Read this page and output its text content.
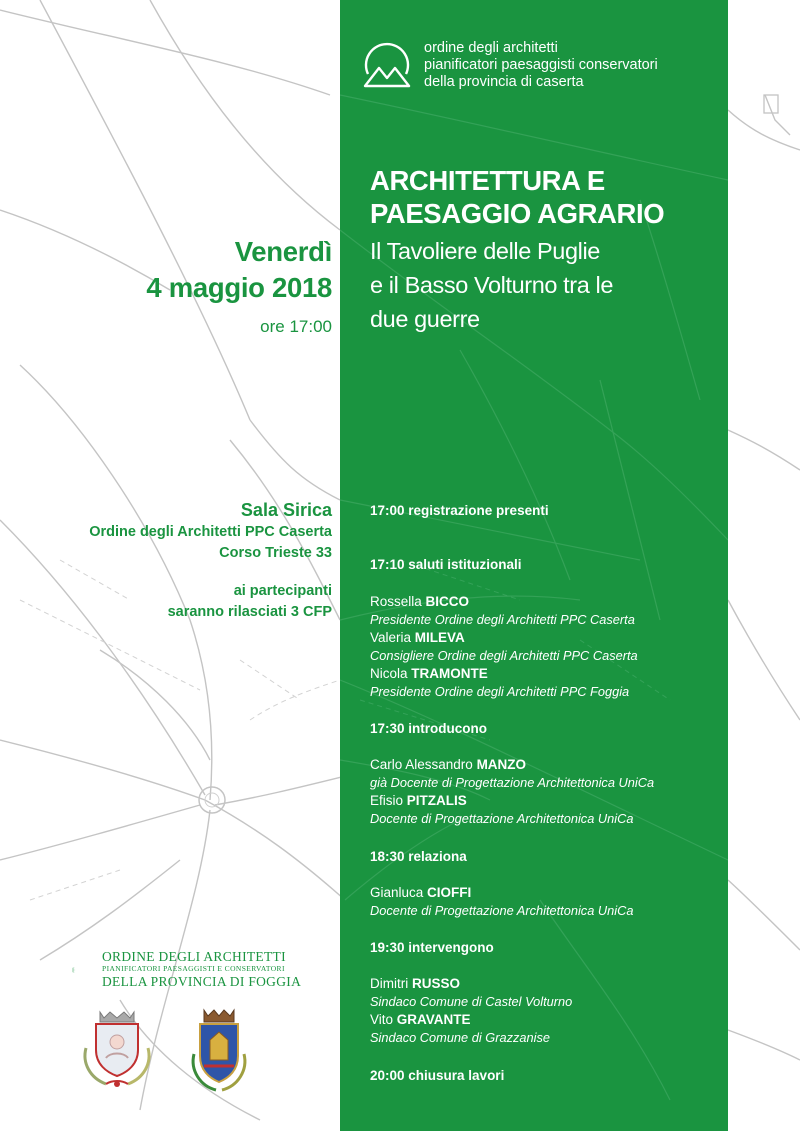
ordine degli architetti
pianificatori paesaggisti conservatori
della provincia di caserta
ARCHITETTURA E
PAESAGGIO AGRARIO
Il Tavoliere delle Puglie
e il Basso Volturno tra le
due guerre
Venerdì
4 maggio 2018
ore 17:00
Sala Sirica
Ordine degli Architetti PPC Caserta
Corso Trieste 33
ai partecipanti
saranno rilasciati 3 CFP
17:00 registrazione presenti
17:10 saluti istituzionali
Rossella BICCO
Presidente Ordine degli Architetti PPC Caserta
Valeria MILEVA
Consigliere Ordine degli Architetti PPC Caserta
Nicola TRAMONTE
Presidente Ordine degli Architetti PPC Foggia
17:30 introducono
Carlo Alessandro MANZO
già Docente di Progettazione Architettonica UniCa
Efisio PITZALIS
Docente di Progettazione Architettonica UniCa
18:30 relaziona
Gianluca CIOFFI
Docente di Progettazione Architettonica UniCa
19:30 intervengono
Dimitri RUSSO
Sindaco Comune di Castel Volturno
Vito GRAVANTE
Sindaco Comune di Grazzanise
20:00 chiusura lavori
ORDINE DEGLI ARCHITETTI
PIANIFICATORI PAESAGGISTI E CONSERVATORI
DELLA PROVINCIA DI FOGGIA
